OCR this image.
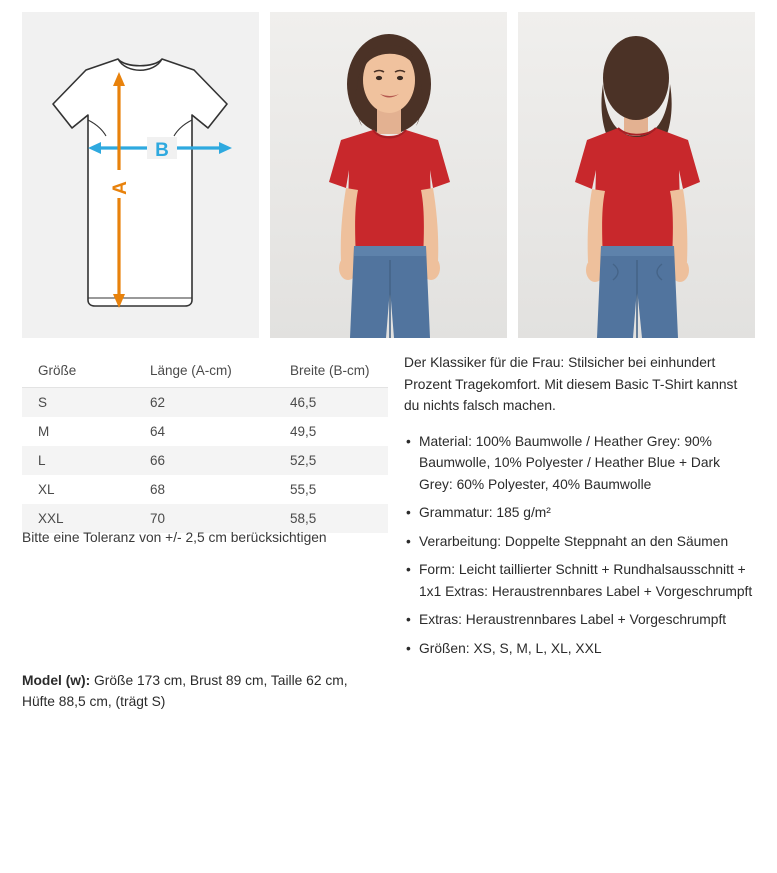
B
A
Größe	Länge (A-cm)	Breite (B-cm)
S	62	46,5
M	64	49,5
L	66	52,5
XL	68	55,5
XXL	70	58,5
Bitte eine Toleranz von +/- 2,5 cm berücksichtigen
Model (w): Größe 173 cm, Brust 89 cm, Taille 62 cm, Hüfte 88,5 cm, (trägt S)

Der Klassiker für die Frau: Stilsicher bei einhundert Prozent Tragekomfort. Mit diesem Basic T-Shirt kannst du nichts falsch machen.

• Material: 100% Baumwolle / Heather Grey: 90% Baumwolle, 10% Polyester / Heather Blue + Dark Grey: 60% Polyester, 40% Baumwolle
• Grammatur: 185 g/m²
• Verarbeitung: Doppelte Steppnaht an den Säumen
• Form: Leicht taillierter Schnitt + Rundhalsausschnitt + 1x1 Extras: Heraustrennbares Label + Vorgeschrumpft
• Extras: Heraustrennbares Label + Vorgeschrumpft
• Größen: XS, S, M, L, XL, XXL
